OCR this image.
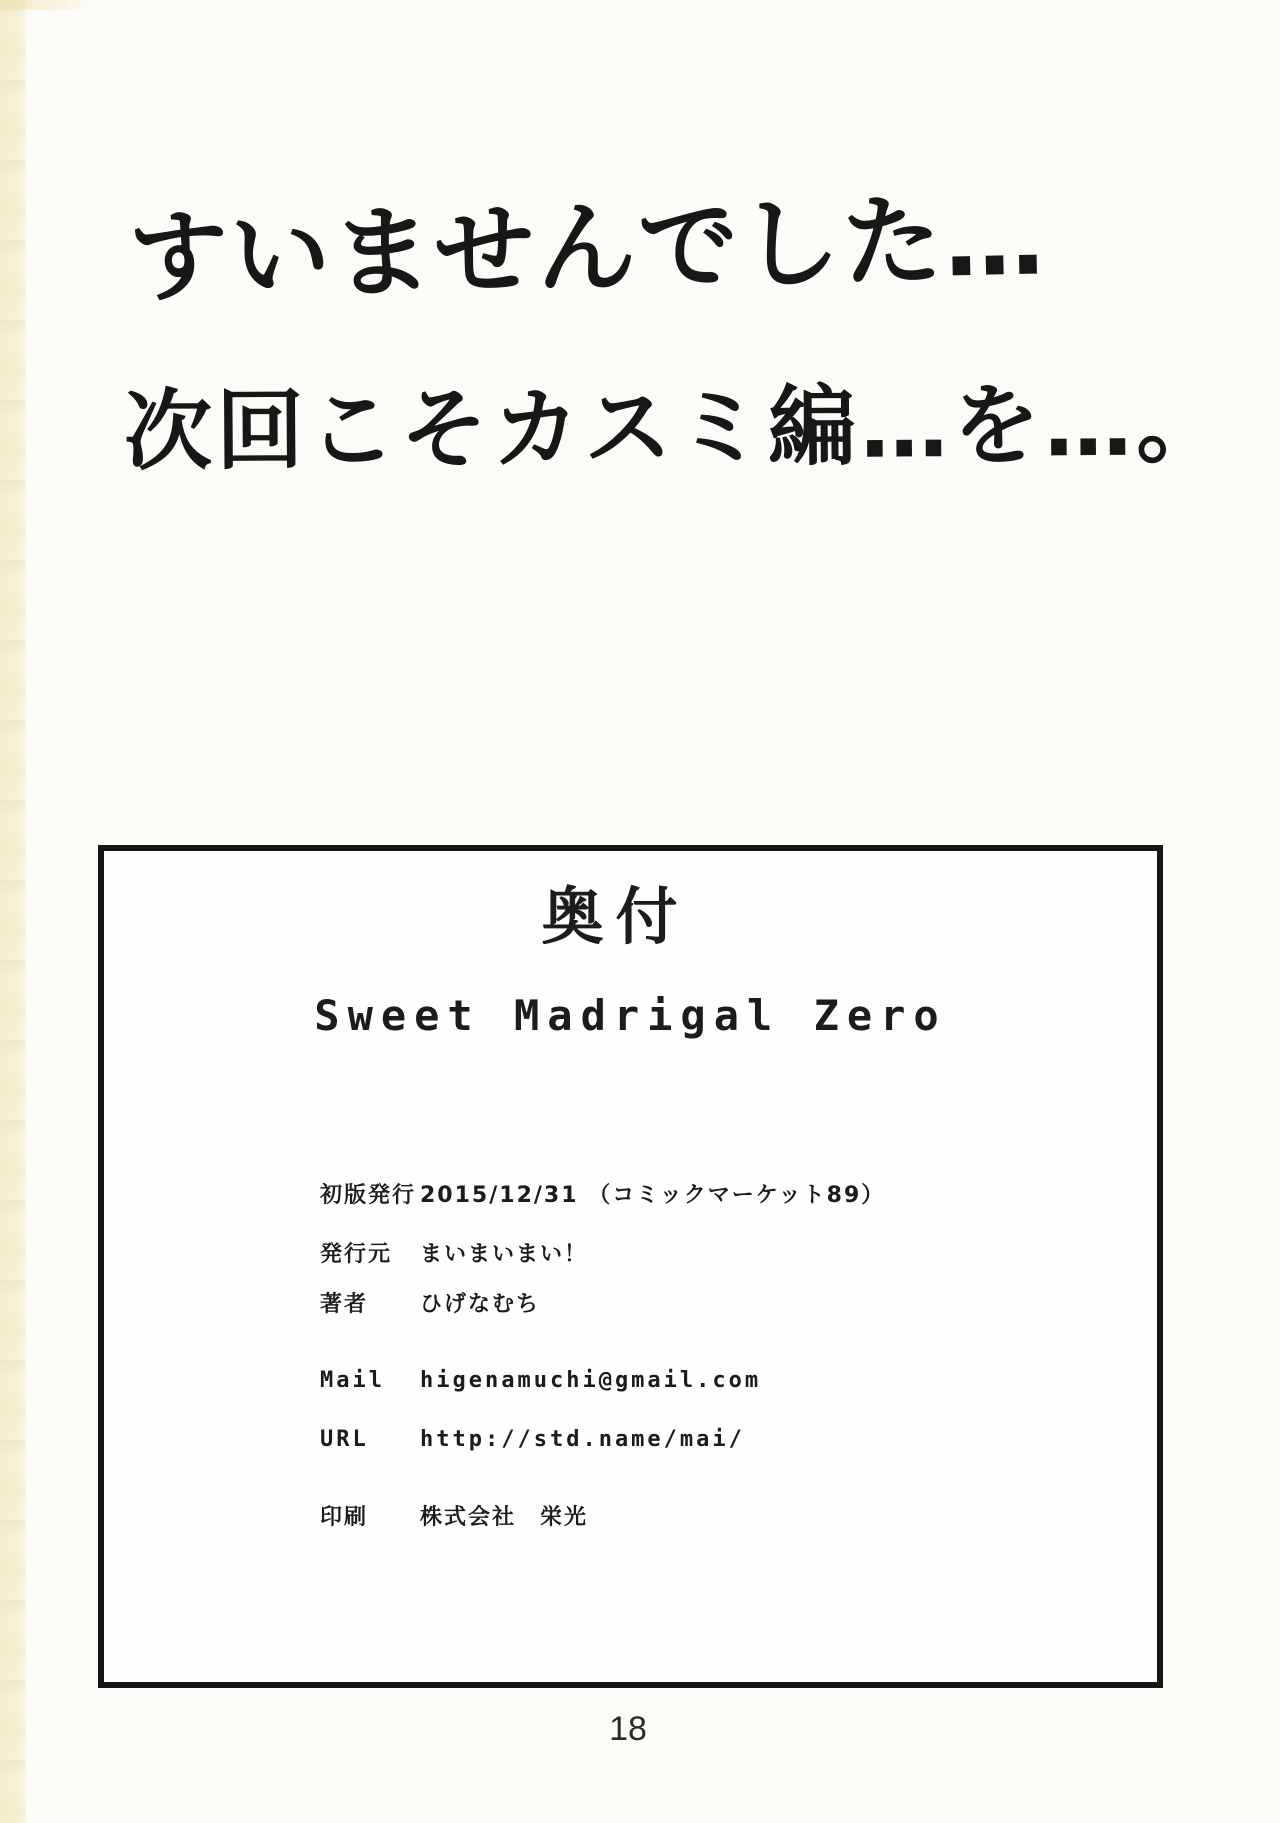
すいませんでした…
次回こそカスミ編…を…。
奥付
Sweet Madrigal Zero
初版発行 2015/12/31 （コミックマーケット89）
発行元	まいまいまい！
著者	ひげなむち
Mail	higenamuchi@gmail.com
URL	http://std.name/mai/
印刷	株式会社　栄光
18
